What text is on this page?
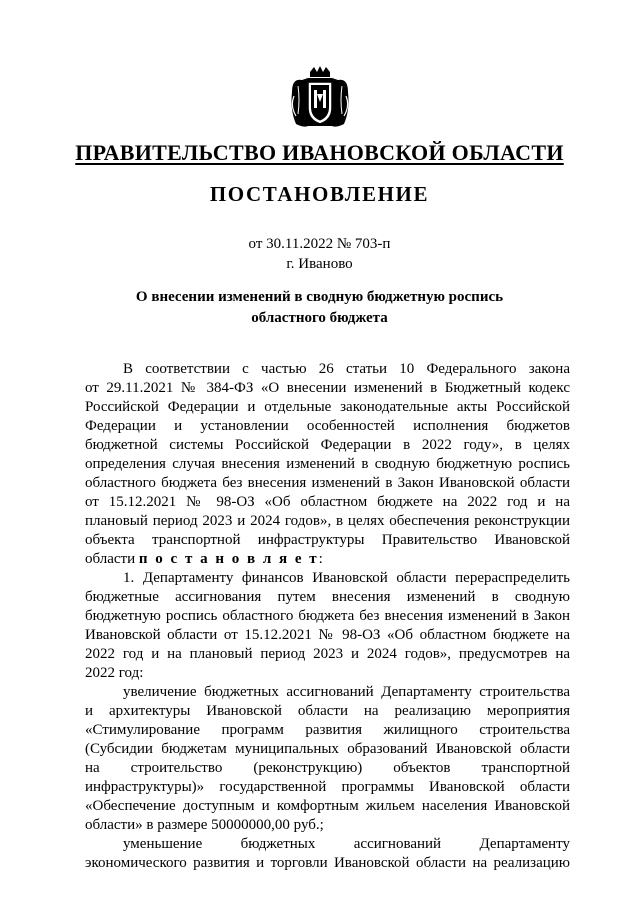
ПРАВИТЕЛЬСТВО ИВАНОВСКОЙ ОБЛАСТИ
ПОСТАНОВЛЕНИЕ
от 30.11.2022 № 703-п
г. Иваново
О внесении изменений в сводную бюджетную роспись
областного бюджета
В соответствии с частью 26 статьи 10 Федерального закона
от 29.11.2021 № 384-ФЗ «О внесении изменений в Бюджетный кодекс
Российской Федерации и отдельные законодательные акты Российской
Федерации и установлении особенностей исполнения бюджетов
бюджетной системы Российской Федерации в 2022 году», в целях
определения случая внесения изменений в сводную бюджетную роспись
областного бюджета без внесения изменений в Закон Ивановской области
от 15.12.2021 № 98-ОЗ «Об областном бюджете на 2022 год и на
плановый период 2023 и 2024 годов», в целях обеспечения реконструкции
объекта транспортной инфраструктуры Правительство Ивановской
области п о с т а н о в л я е т:
1. Департаменту финансов Ивановской области перераспределить
бюджетные ассигнования путем внесения изменений в сводную
бюджетную роспись областного бюджета без внесения изменений в Закон
Ивановской области от 15.12.2021 № 98-ОЗ «Об областном бюджете на
2022 год и на плановый период 2023 и 2024 годов», предусмотрев на
2022 год:
увеличение бюджетных ассигнований Департаменту строительства
и архитектуры Ивановской области на реализацию мероприятия
«Стимулирование программ развития жилищного строительства
(Субсидии бюджетам муниципальных образований Ивановской области
на строительство (реконструкцию) объектов транспортной
инфраструктуры)» государственной программы Ивановской области
«Обеспечение доступным и комфортным жильем населения Ивановской
области» в размере 50000000,00 руб.;
уменьшение бюджетных ассигнований Департаменту
экономического развития и торговли Ивановской области на реализацию
